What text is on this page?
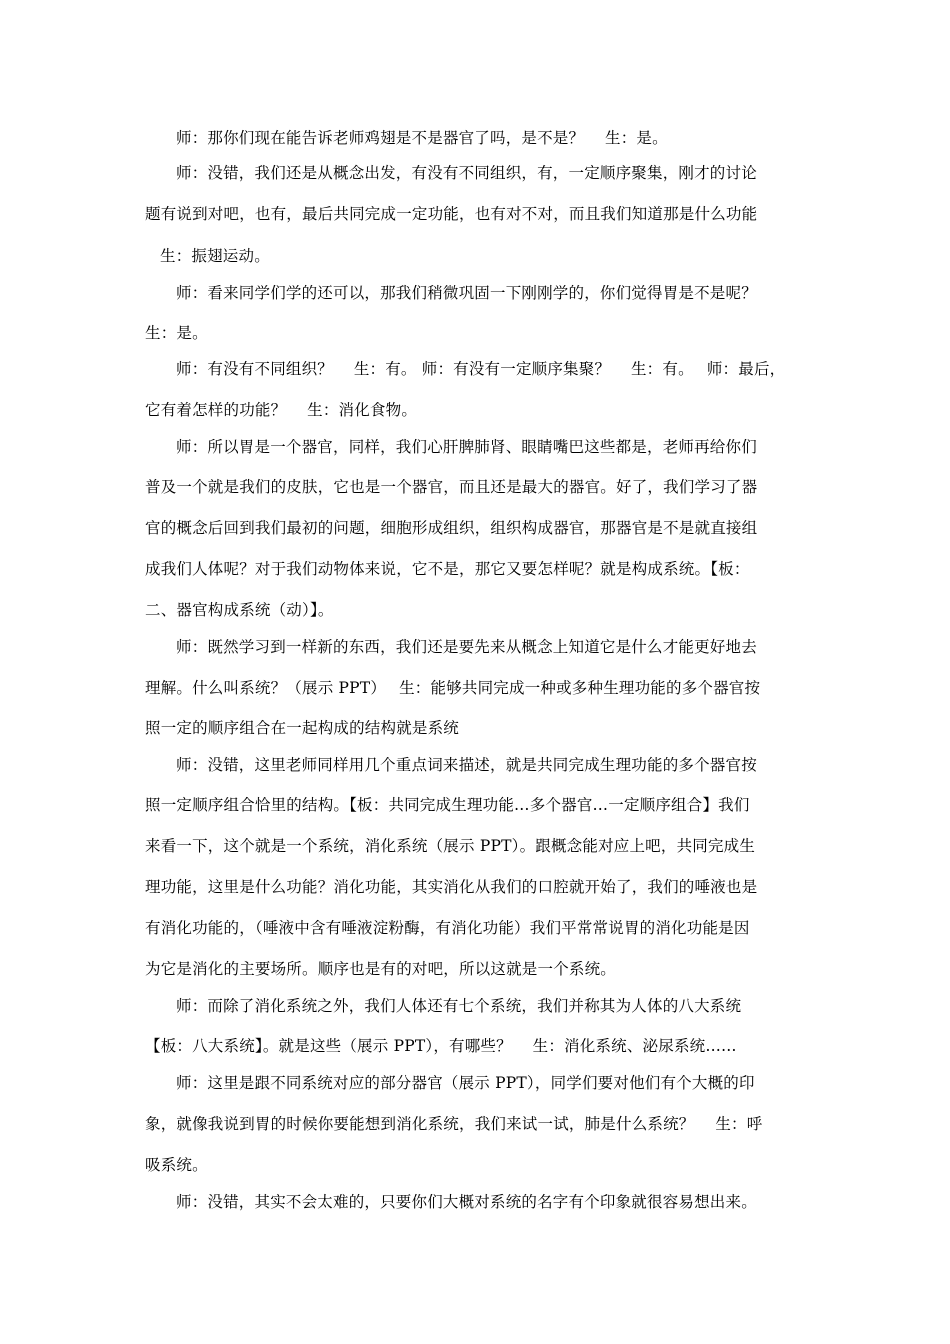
师：那你们现在能告诉老师鸡翅是不是器官了吗，是不是？　 生：是。
师：没错，我们还是从概念出发，有没有不同组织，有，一定顺序聚集，刚才的讨论
题有说到对吧，也有，最后共同完成一定功能，也有对不对，而且我们知道那是什么功能
生：振翅运动。
师：看来同学们学的还可以，那我们稍微巩固一下刚刚学的，你们觉得胃是不是呢？
生：是。
师：有没有不同组织？　 生：有。 师：有没有一定顺序集聚？　 生：有。　 师：最后，
它有着怎样的功能？　 生：消化食物。
师：所以胃是一个器官，同样，我们心肝脾肺肾、眼睛嘴巴这些都是，老师再给你们
普及一个就是我们的皮肤，它也是一个器官，而且还是最大的器官。好了，我们学习了器
官的概念后回到我们最初的问题，细胞形成组织，组织构成器官，那器官是不是就直接组
成我们人体呢？对于我们动物体来说，它不是，那它又要怎样呢？就是构成系统。【板：
二、器官构成系统（动）】。
师：既然学习到一样新的东西，我们还是要先来从概念上知道它是什么才能更好地去
理解。什么叫系统？（展示 PPT）　 生：能够共同完成一种或多种生理功能的多个器官按
照一定的顺序组合在一起构成的结构就是系统
师：没错，这里老师同样用几个重点词来描述，就是共同完成生理功能的多个器官按
照一定顺序组合恰里的结构。【板：共同完成生理功能…多个器官…一定顺序组合】我们
来看一下，这个就是一个系统，消化系统（展示 PPT）。跟概念能对应上吧，共同完成生
理功能，这里是什么功能？消化功能，其实消化从我们的口腔就开始了，我们的唾液也是
有消化功能的，（唾液中含有唾液淀粉酶，有消化功能）我们平常常说胃的消化功能是因
为它是消化的主要场所。顺序也是有的对吧，所以这就是一个系统。
师：而除了消化系统之外，我们人体还有七个系统，我们并称其为人体的八大系统
【板：八大系统】。就是这些（展示 PPT），有哪些？　 生：消化系统、泌尿系统……
师：这里是跟不同系统对应的部分器官（展示 PPT），同学们要对他们有个大概的印
象，就像我说到胃的时候你要能想到消化系统，我们来试一试，肺是什么系统？　 生：呼
吸系统。
师：没错，其实不会太难的，只要你们大概对系统的名字有个印象就很容易想出来。
